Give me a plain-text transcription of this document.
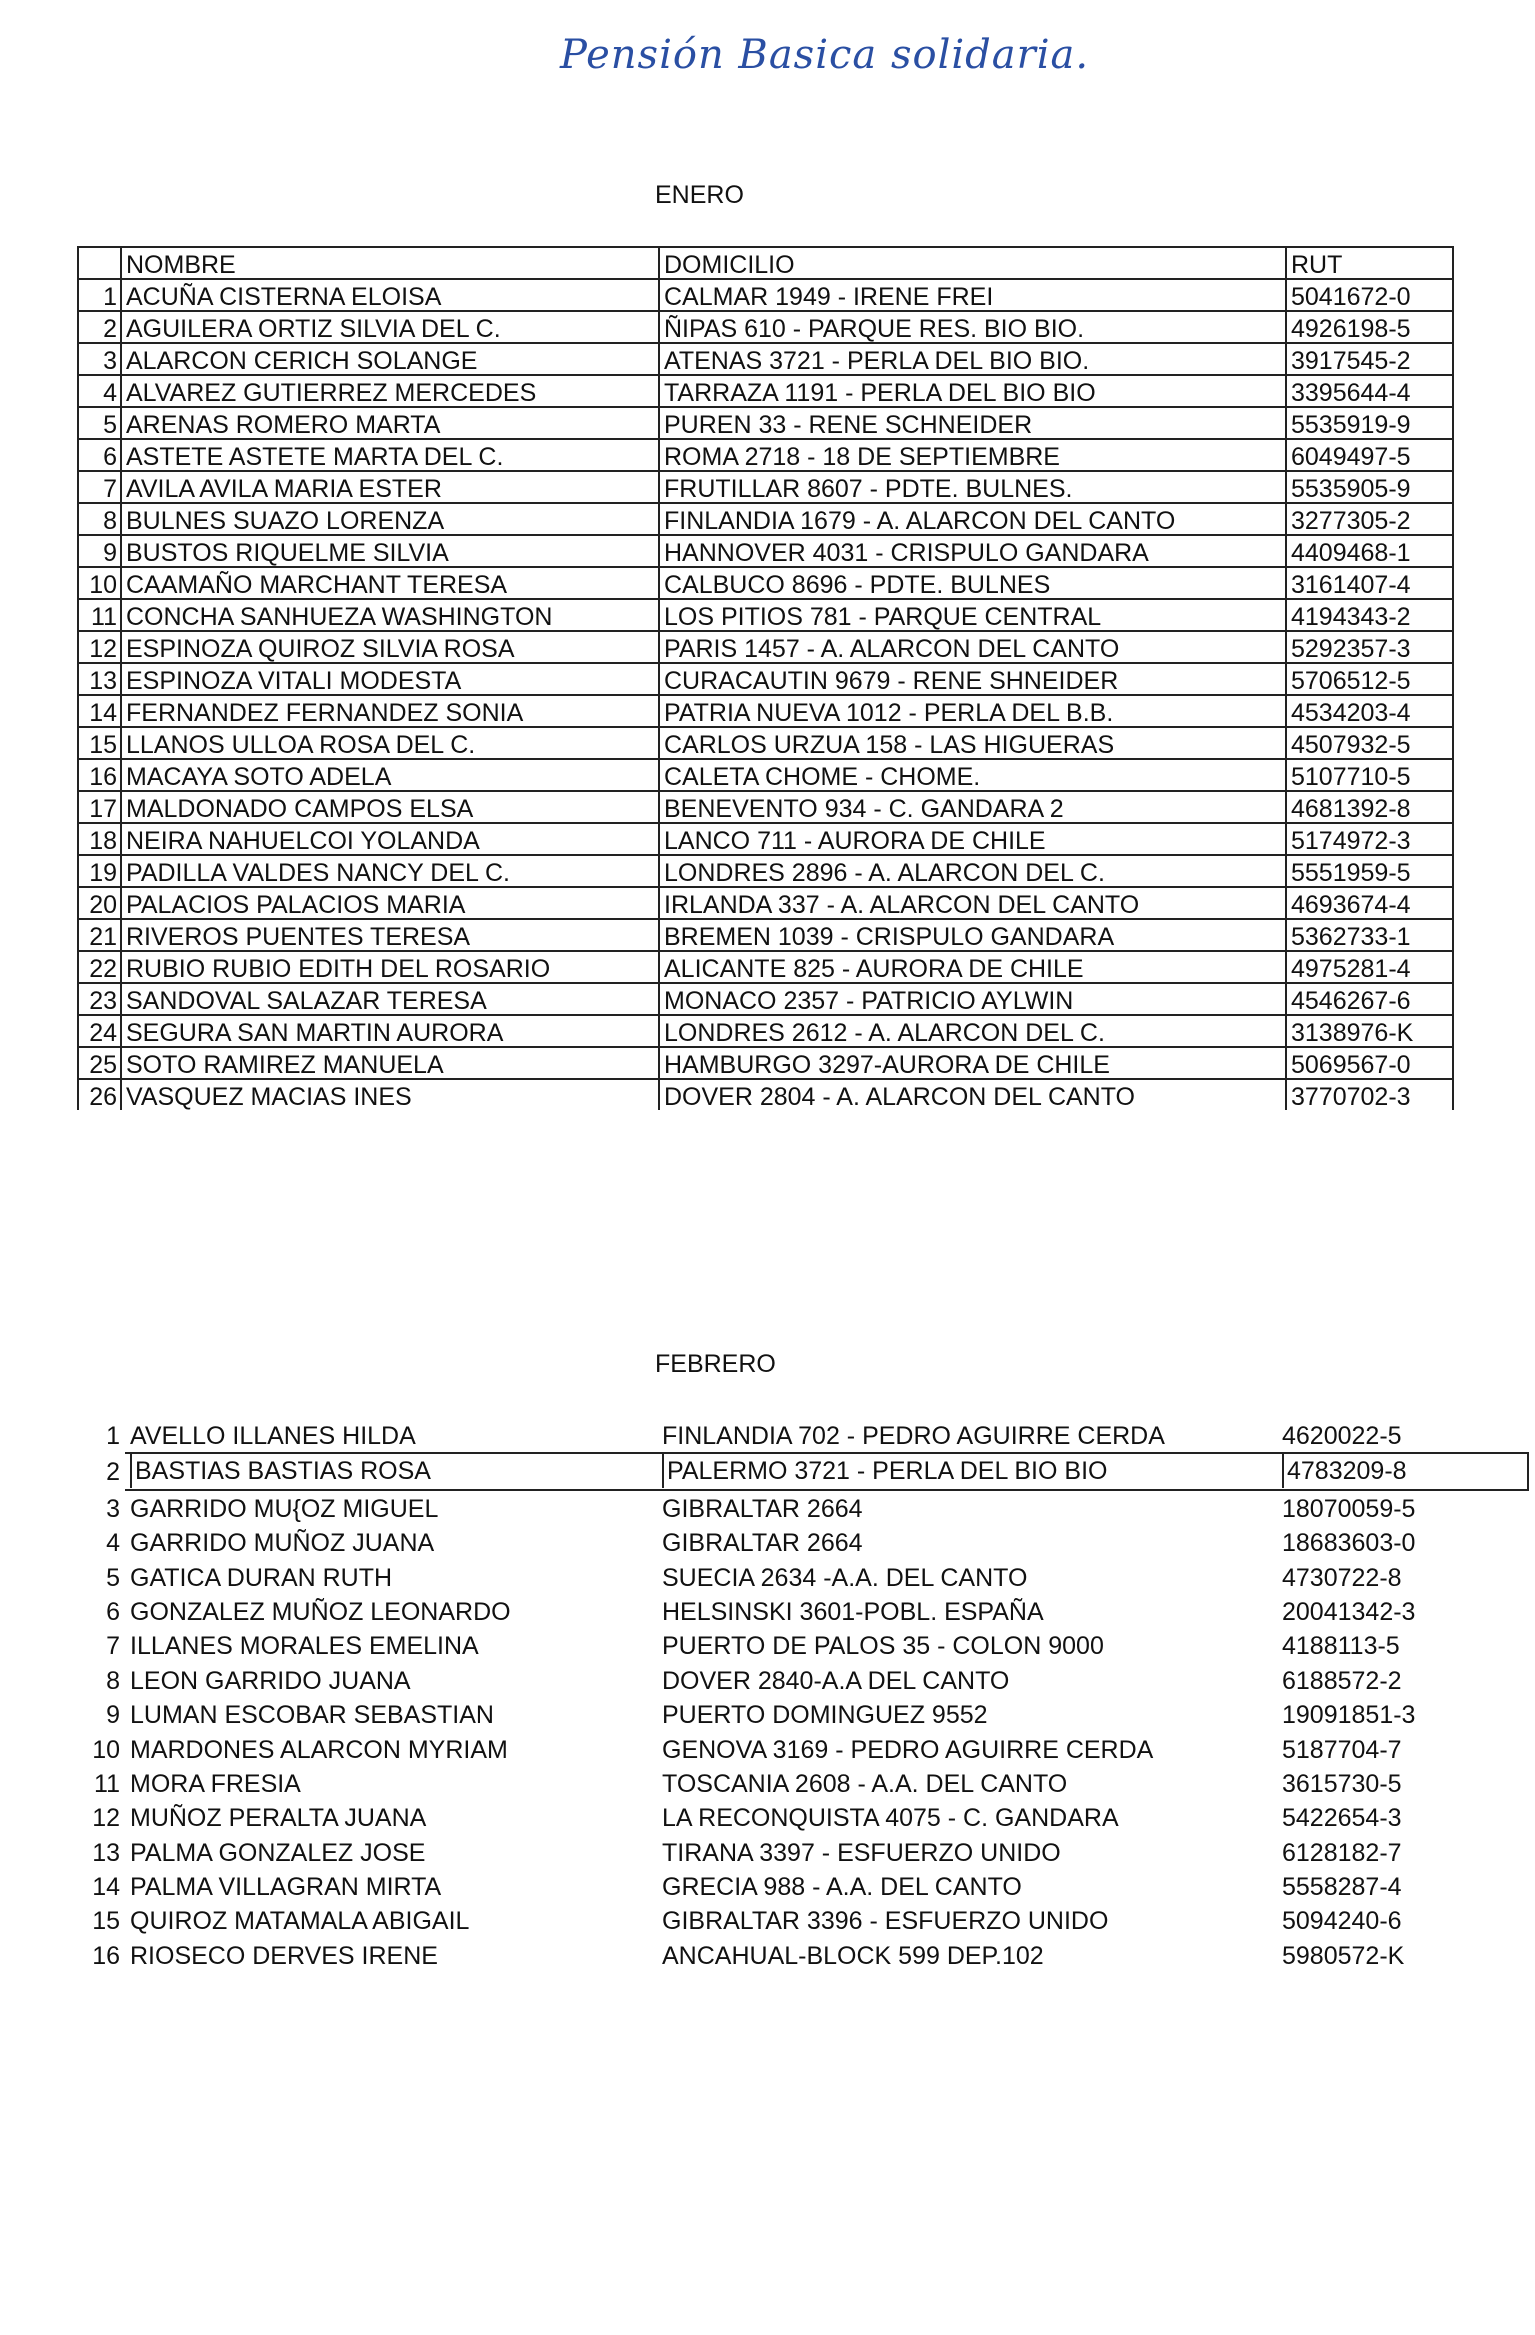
Pensión Basica solidaria.
ENERO
	NOMBRE	DOMICILIO	RUT
1	ACUÑA CISTERNA ELOISA	CALMAR 1949 - IRENE FREI	5041672-0
2	AGUILERA ORTIZ SILVIA DEL C.	ÑIPAS 610 - PARQUE RES. BIO BIO.	4926198-5
3	ALARCON CERICH SOLANGE	ATENAS 3721 - PERLA DEL BIO BIO.	3917545-2
4	ALVAREZ GUTIERREZ MERCEDES	TARRAZA 1191 - PERLA DEL BIO BIO	3395644-4
5	ARENAS ROMERO MARTA	PUREN 33 - RENE SCHNEIDER	5535919-9
6	ASTETE ASTETE MARTA DEL C.	ROMA 2718 - 18 DE SEPTIEMBRE	6049497-5
7	AVILA AVILA MARIA ESTER	FRUTILLAR 8607 - PDTE. BULNES.	5535905-9
8	BULNES SUAZO LORENZA	FINLANDIA 1679 - A. ALARCON DEL CANTO	3277305-2
9	BUSTOS RIQUELME SILVIA	HANNOVER 4031 - CRISPULO GANDARA	4409468-1
10	CAAMAÑO MARCHANT TERESA	CALBUCO 8696 - PDTE. BULNES	3161407-4
11	CONCHA SANHUEZA WASHINGTON	LOS PITIOS 781 - PARQUE CENTRAL	4194343-2
12	ESPINOZA QUIROZ SILVIA ROSA	PARIS 1457 - A. ALARCON DEL CANTO	5292357-3
13	ESPINOZA VITALI MODESTA	CURACAUTIN 9679 - RENE SHNEIDER	5706512-5
14	FERNANDEZ FERNANDEZ SONIA	PATRIA NUEVA 1012 - PERLA DEL B.B.	4534203-4
15	LLANOS ULLOA ROSA DEL C.	CARLOS URZUA 158 - LAS HIGUERAS	4507932-5
16	MACAYA SOTO ADELA	CALETA CHOME - CHOME.	5107710-5
17	MALDONADO CAMPOS ELSA	BENEVENTO 934 - C. GANDARA 2	4681392-8
18	NEIRA NAHUELCOI YOLANDA	LANCO 711 - AURORA DE CHILE	5174972-3
19	PADILLA VALDES NANCY DEL C.	LONDRES 2896 - A. ALARCON DEL C.	5551959-5
20	PALACIOS PALACIOS MARIA	IRLANDA 337 - A. ALARCON DEL CANTO	4693674-4
21	RIVEROS PUENTES TERESA	BREMEN 1039 - CRISPULO GANDARA	5362733-1
22	RUBIO RUBIO EDITH DEL ROSARIO	ALICANTE 825 - AURORA DE CHILE	4975281-4
23	SANDOVAL SALAZAR TERESA	MONACO 2357 - PATRICIO AYLWIN	4546267-6
24	SEGURA SAN MARTIN AURORA	LONDRES 2612 - A. ALARCON DEL C.	3138976-K
25	SOTO RAMIREZ MANUELA	HAMBURGO 3297-AURORA DE CHILE	5069567-0
26	VASQUEZ MACIAS INES	DOVER 2804 - A. ALARCON DEL CANTO	3770702-3
FEBRERO
1 AVELLO ILLANES HILDA	FINLANDIA 702 - PEDRO AGUIRRE CERDA	4620022-5
2 BASTIAS BASTIAS ROSA	PALERMO 3721 - PERLA DEL BIO BIO	4783209-8
3 GARRIDO MU{OZ MIGUEL	GIBRALTAR 2664	18070059-5
4 GARRIDO MUÑOZ JUANA	GIBRALTAR 2664	18683603-0
5 GATICA DURAN RUTH	SUECIA 2634 -A.A. DEL CANTO	4730722-8
6 GONZALEZ MUÑOZ LEONARDO	HELSINSKI 3601-POBL. ESPAÑA	20041342-3
7 ILLANES MORALES EMELINA	PUERTO DE PALOS 35 - COLON 9000	4188113-5
8 LEON GARRIDO JUANA	DOVER 2840-A.A DEL CANTO	6188572-2
9 LUMAN ESCOBAR SEBASTIAN	PUERTO DOMINGUEZ 9552	19091851-3
10 MARDONES ALARCON MYRIAM	GENOVA 3169 - PEDRO AGUIRRE CERDA	5187704-7
11 MORA FRESIA	TOSCANIA 2608 - A.A. DEL CANTO	3615730-5
12 MUÑOZ PERALTA JUANA	LA RECONQUISTA 4075 - C. GANDARA	5422654-3
13 PALMA GONZALEZ JOSE	TIRANA 3397 - ESFUERZO UNIDO	6128182-7
14 PALMA VILLAGRAN MIRTA	GRECIA 988 - A.A. DEL CANTO	5558287-4
15 QUIROZ MATAMALA ABIGAIL	GIBRALTAR 3396 - ESFUERZO UNIDO	5094240-6
16 RIOSECO DERVES IRENE	ANCAHUAL-BLOCK 599 DEP.102	5980572-K
